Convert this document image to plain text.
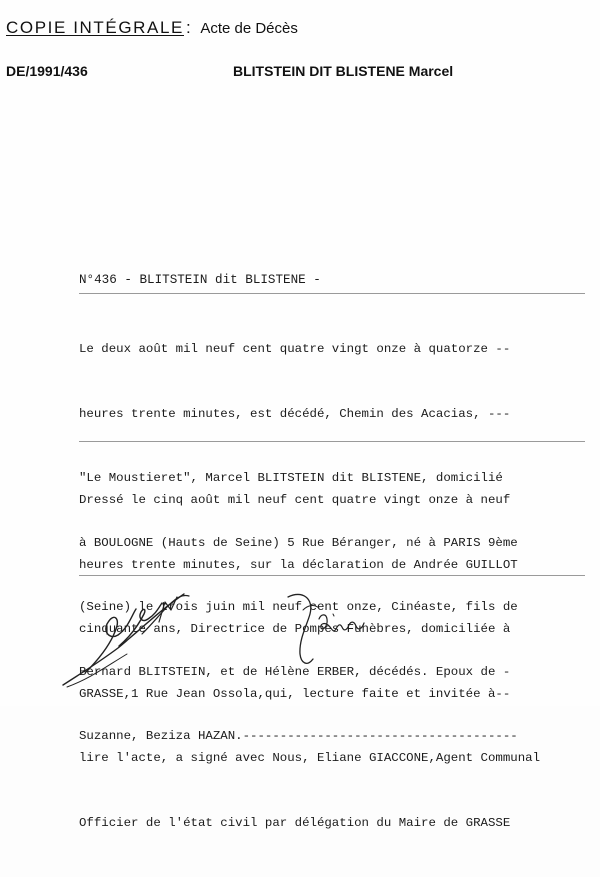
COPIE INTÉGRALE : Acte de Décès
DE/1991/436	BLITSTEIN DIT BLISTENE Marcel
N°436 - BLITSTEIN dit BLISTENE -

Le deux août mil neuf cent quatre vingt onze à quatorze --

heures trente minutes, est décédé, Chemin des Acacias, ---

"Le Moustieret", Marcel BLITSTEIN dit BLISTENE, domicilié

à BOULOGNE (Hauts de Seine) 5 Rue Béranger, né à PARIS 9ème

(Seine) le trois juin mil neuf cent onze, Cinéaste, fils de

Bernard BLITSTEIN, et de Hélène ERBER, décédés. Epoux de -

Suzanne, Beziza HAZAN.-------------------------------------

Dressé le cinq août mil neuf cent quatre vingt onze à neuf

heures trente minutes, sur la déclaration de Andrée GUILLOT

cinquante ans, Directrice de Pompes Funèbres, domiciliée à

GRASSE,1 Rue Jean Ossola,qui, lecture faite et invitée à--

lire l'acte, a signé avec Nous, Eliane GIACCONE,Agent Communal

Officier de l'état civil par délégation du Maire de GRASSE
